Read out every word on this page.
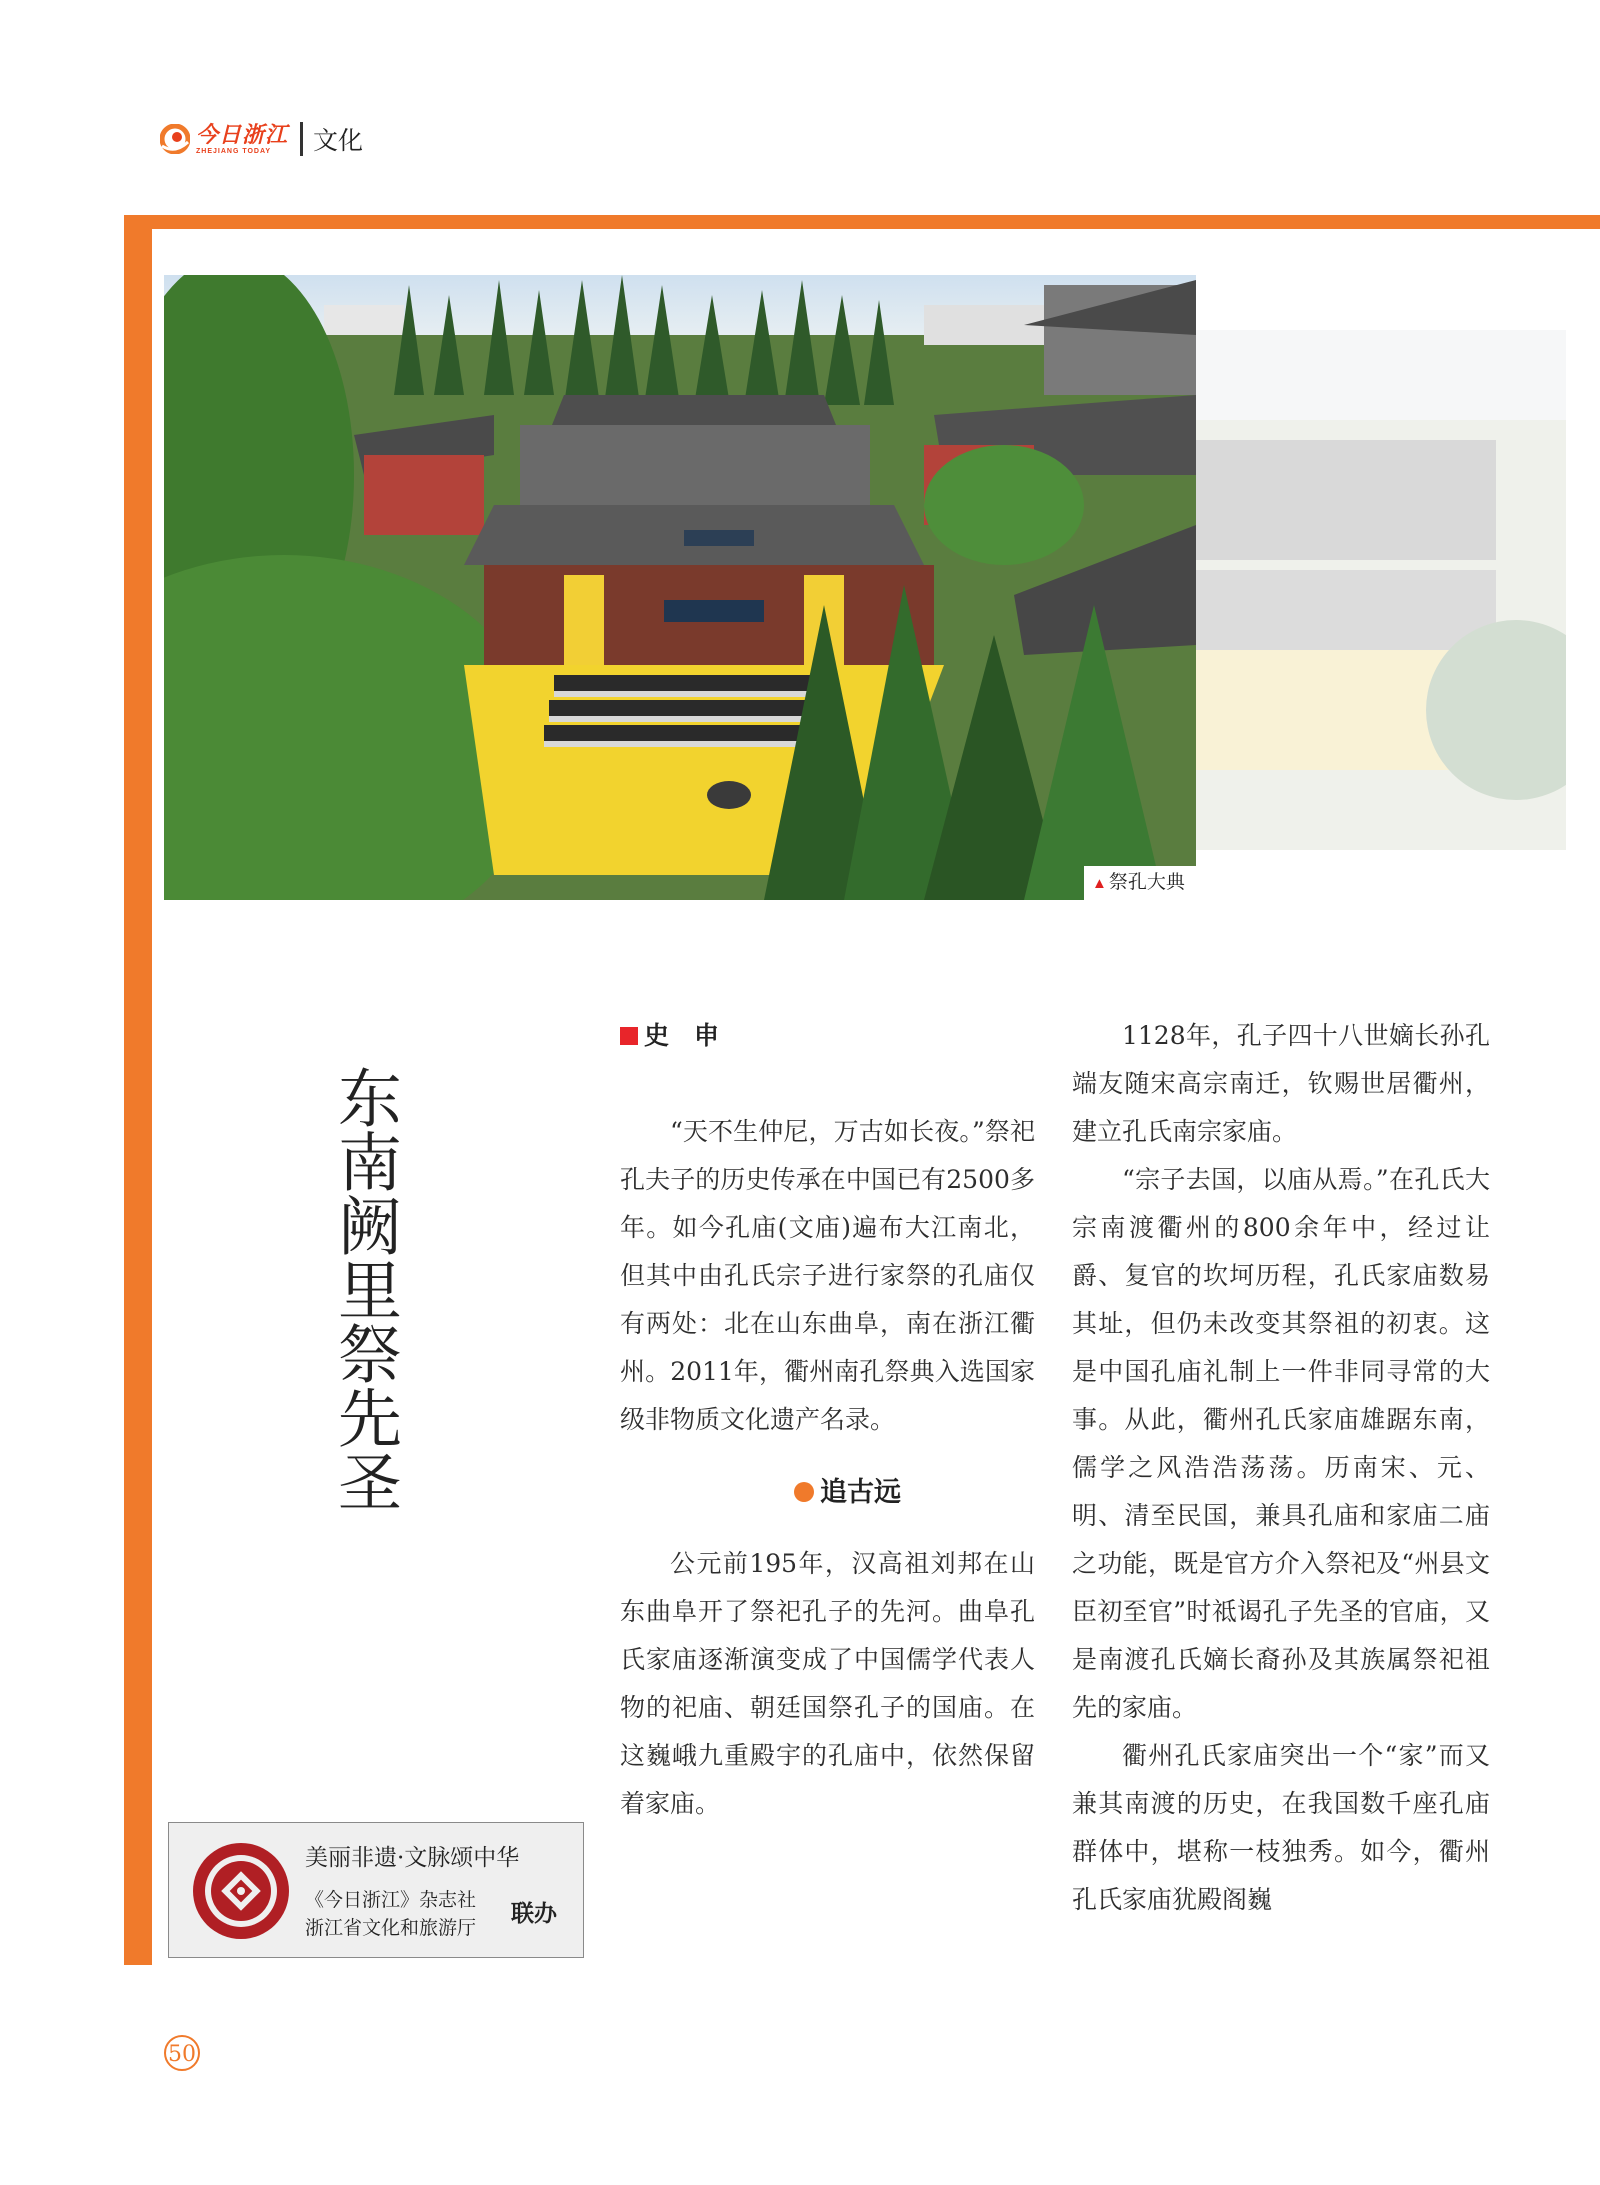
今日浙江
ZHEJIANG TODAY	文化
▲ 祭孔大典
东南阙里祭先圣

史　申

“天不生仲尼，万古如长夜。”祭祀孔夫子的历史传承在中国已有2500多年。如今孔庙(文庙)遍布大江南北，但其中由孔氏宗子进行家祭的孔庙仅有两处：北在山东曲阜，南在浙江衢州。2011年，衢州南孔祭典入选国家级非物质文化遗产名录。

追古远

公元前195年，汉高祖刘邦在山东曲阜开了祭祀孔子的先河。曲阜孔氏家庙逐渐演变成了中国儒学代表人物的祀庙、朝廷国祭孔子的国庙。在这巍峨九重殿宇的孔庙中，依然保留着家庙。

1128年，孔子四十八世嫡长孙孔端友随宋高宗南迁，钦赐世居衢州，建立孔氏南宗家庙。

“宗子去国，以庙从焉。”在孔氏大宗南渡衢州的800余年中，经过让爵、复官的坎坷历程，孔氏家庙数易其址，但仍未改变其祭祖的初衷。这是中国孔庙礼制上一件非同寻常的大事。从此，衢州孔氏家庙雄踞东南，儒学之风浩浩荡荡。历南宋、元、明、清至民国，兼具孔庙和家庙二庙之功能，既是官方介入祭祀及“州县文臣初至官”时祗谒孔子先圣的官庙，又是南渡孔氏嫡长裔孙及其族属祭祀祖先的家庙。

衢州孔氏家庙突出一个“家”而又兼其南渡的历史，在我国数千座孔庙群体中，堪称一枝独秀。如今，衢州孔氏家庙犹殿阁巍

美丽非遗·文脉颂中华
《今日浙江》杂志社
浙江省文化和旅游厅
联办
50
